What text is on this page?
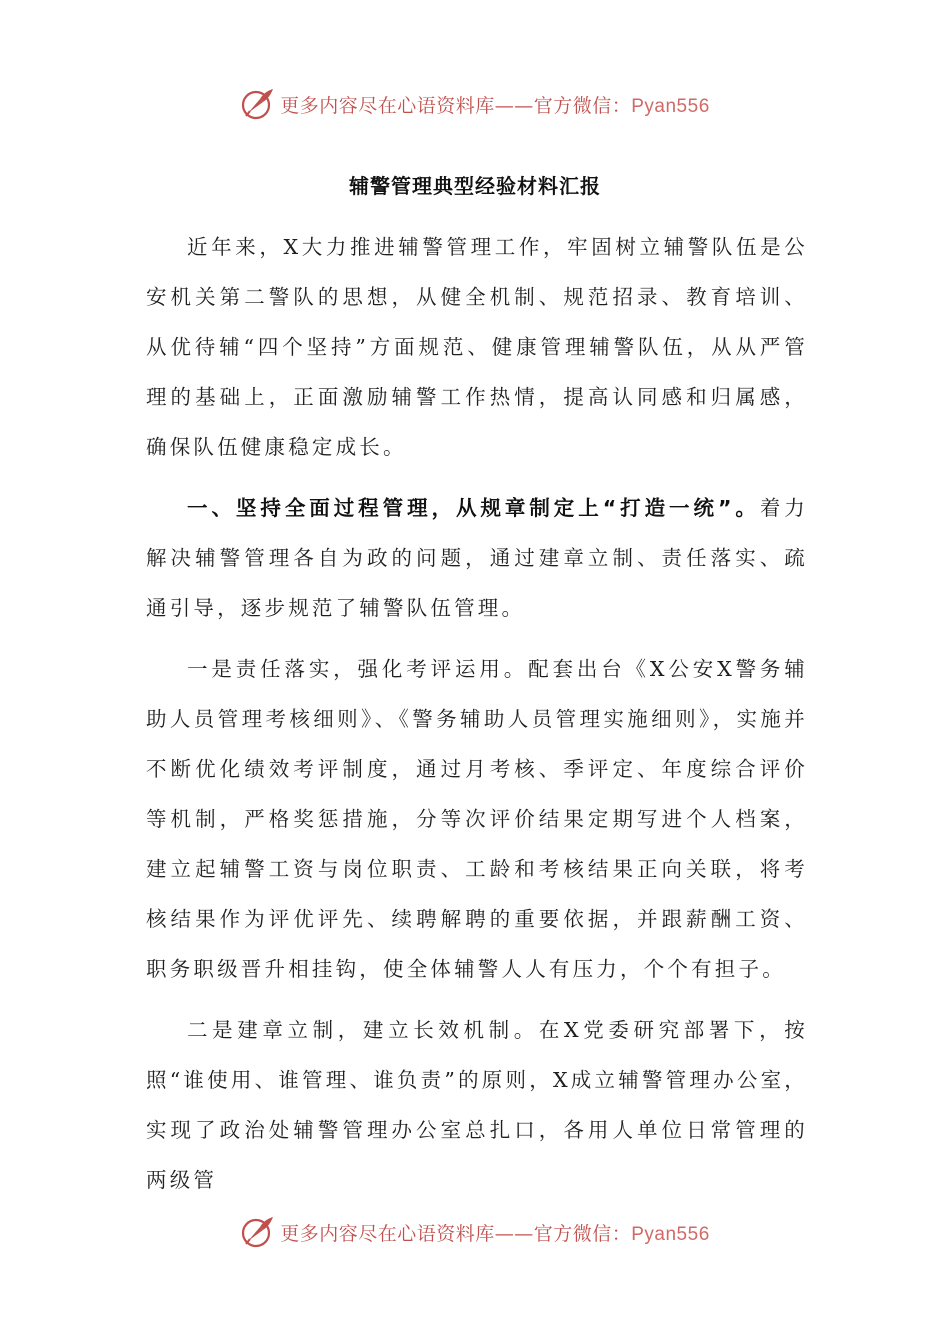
更多内容尽在心语资料库——官方微信：Pyan556
辅警管理典型经验材料汇报

近年来，X大力推进辅警管理工作，牢固树立辅警队伍是公安机关第二警队的思想，从健全机制、规范招录、教育培训、从优待辅“四个坚持”方面规范、健康管理辅警队伍，从从严管理的基础上，正面激励辅警工作热情，提高认同感和归属感，确保队伍健康稳定成长。

一、坚持全面过程管理，从规章制定上“打造一统”。着力解决辅警管理各自为政的问题，通过建章立制、责任落实、疏通引导，逐步规范了辅警队伍管理。

一是责任落实，强化考评运用。配套出台《X公安X警务辅助人员管理考核细则》、《警务辅助人员管理实施细则》，实施并不断优化绩效考评制度，通过月考核、季评定、年度综合评价等机制，严格奖惩措施，分等次评价结果定期写进个人档案，建立起辅警工资与岗位职责、工龄和考核结果正向关联，将考核结果作为评优评先、续聘解聘的重要依据，并跟薪酬工资、职务职级晋升相挂钩，使全体辅警人人有压力，个个有担子。

二是建章立制，建立长效机制。在X党委研究部署下，按照“谁使用、谁管理、谁负责”的原则，X成立辅警管理办公室，实现了政治处辅警管理办公室总扎口，各用人单位日常管理的两级管

更多内容尽在心语资料库——官方微信：Pyan556
